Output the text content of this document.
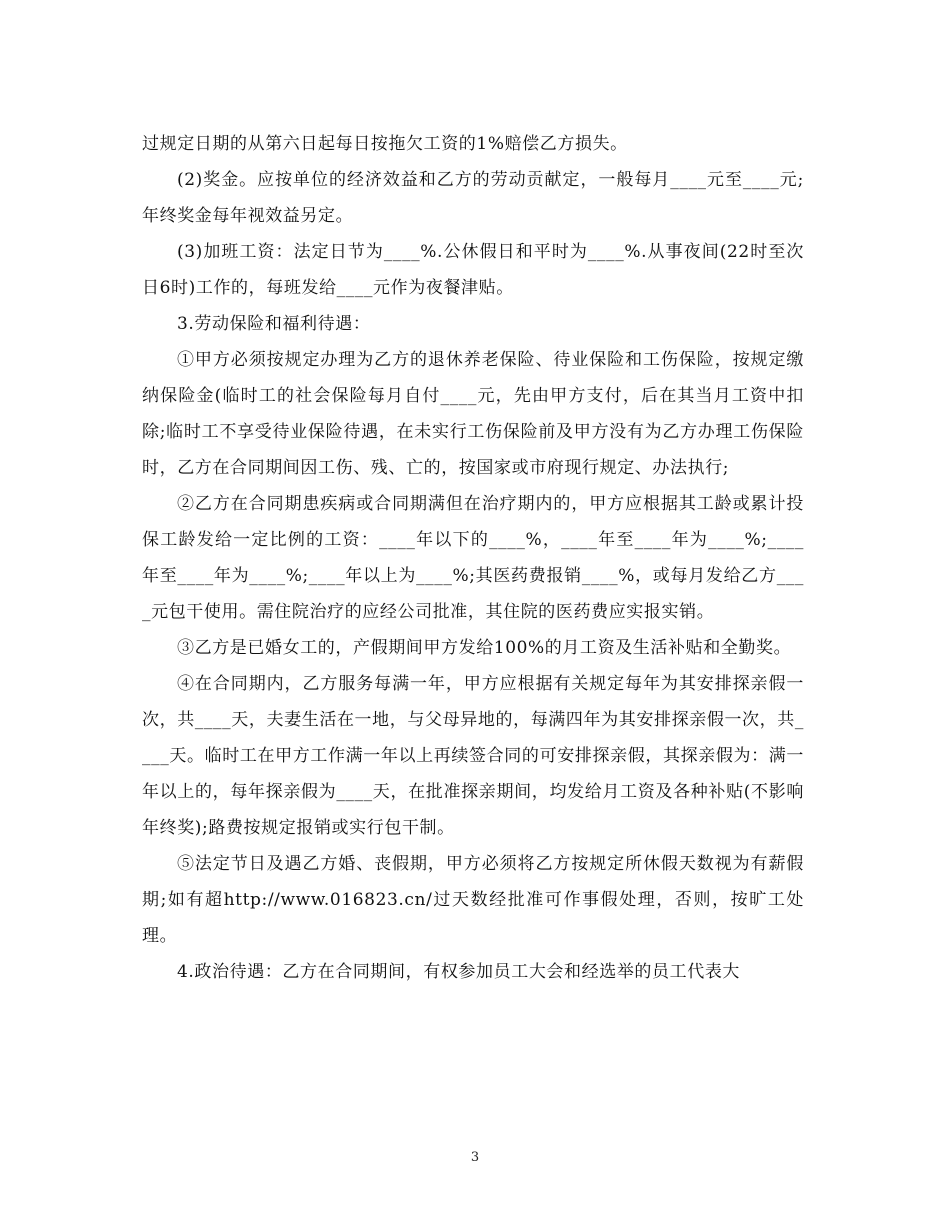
过规定日期的从第六日起每日按拖欠工资的1%赔偿乙方损失。

(2)奖金。应按单位的经济效益和乙方的劳动贡献定，一般每月____元至____元;年终奖金每年视效益另定。

(3)加班工资：法定日节为____%.公休假日和平时为____%.从事夜间(22时至次日6时)工作的，每班发给____元作为夜餐津贴。

3.劳动保险和福利待遇：

①甲方必须按规定办理为乙方的退休养老保险、待业保险和工伤保险，按规定缴纳保险金(临时工的社会保险每月自付____元，先由甲方支付，后在其当月工资中扣除;临时工不享受待业保险待遇，在未实行工伤保险前及甲方没有为乙方办理工伤保险时，乙方在合同期间因工伤、残、亡的，按国家或市府现行规定、办法执行;

②乙方在合同期患疾病或合同期满但在治疗期内的，甲方应根据其工龄或累计投保工龄发给一定比例的工资：____年以下的____%，____年至____年为____%;____年至____年为____%;____年以上为____%;其医药费报销____%，或每月发给乙方____元包干使用。需住院治疗的应经公司批准，其住院的医药费应实报实销。

③乙方是已婚女工的，产假期间甲方发给100%的月工资及生活补贴和全勤奖。

④在合同期内，乙方服务每满一年，甲方应根据有关规定每年为其安排探亲假一次，共____天，夫妻生活在一地，与父母异地的，每满四年为其安排探亲假一次，共____天。临时工在甲方工作满一年以上再续签合同的可安排探亲假，其探亲假为：满一年以上的，每年探亲假为____天，在批准探亲期间，均发给月工资及各种补贴(不影响年终奖);路费按规定报销或实行包干制。

⑤法定节日及遇乙方婚、丧假期，甲方必须将乙方按规定所休假天数视为有薪假期;如有超http://www.016823.cn/过天数经批准可作事假处理，否则，按旷工处理。

4.政治待遇：乙方在合同期间，有权参加员工大会和经选举的员工代表大

3
